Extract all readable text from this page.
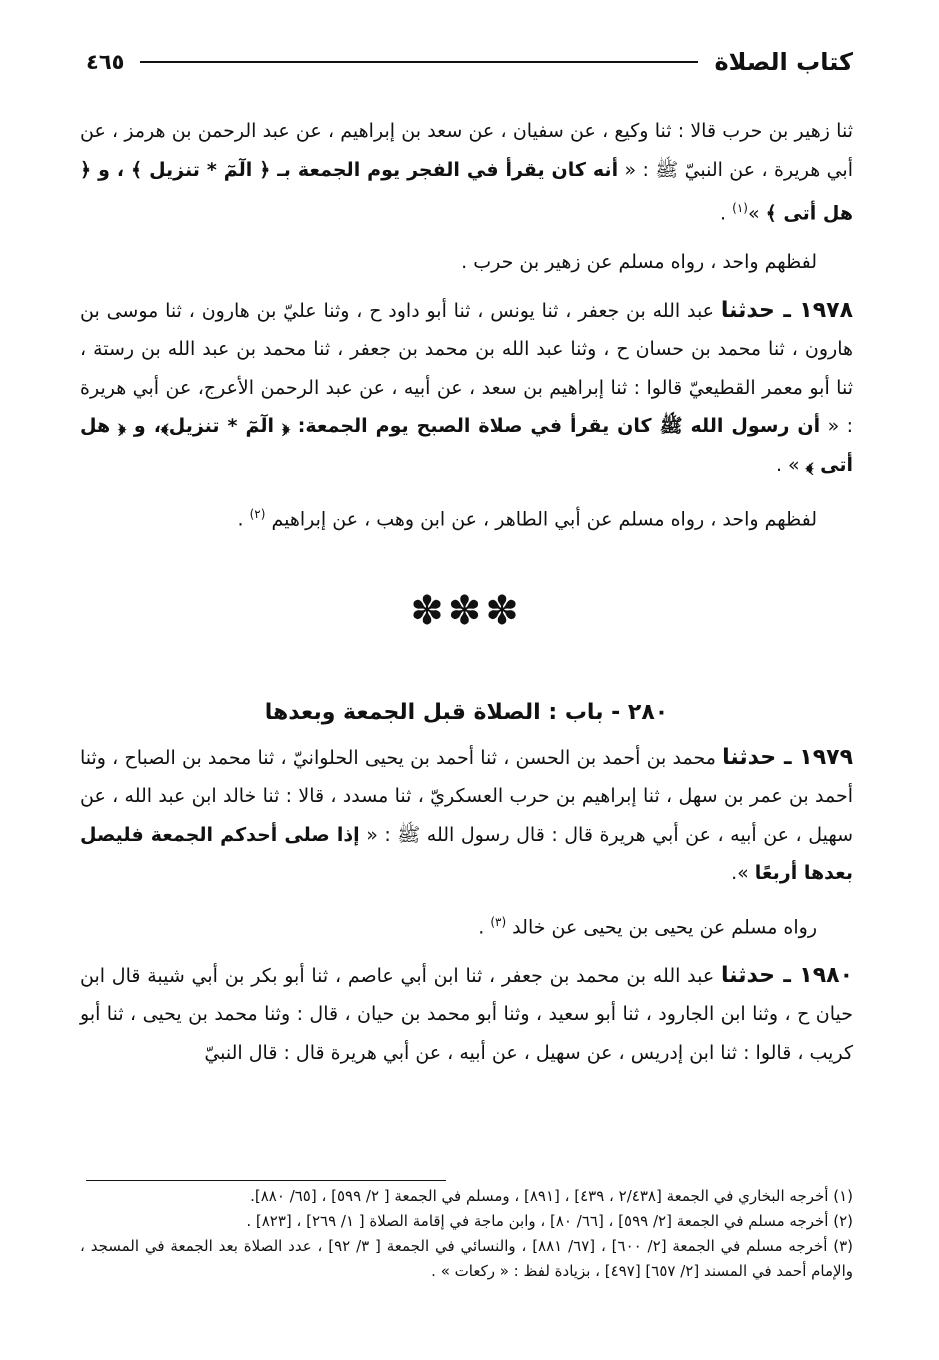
كتاب الصلاة
٤٦٥

ثنا زهير بن حرب قالا : ثنا وكيع ، عن سفيان ، عن سعد بن إبراهيم ، عن عبد الرحمن بن هرمز ، عن أبي هريرة ، عن النبيّ ﷺ : « أنه كان يقرأ في الفجر يوم الجمعة بـ ﴿ الٓمٓ * تنزيل ﴾ ، و ﴿ هل أتى ﴾ »$^{(١)}$ .

لفظهم واحد ، رواه مسلم عن زهير بن حرب .

١٩٧٨ ـ حدثنا عبد الله بن جعفر ، ثنا يونس ، ثنا أبو داود ح ، وثنا عليّ بن هارون ، ثنا موسى بن هارون ، ثنا محمد بن حسان ح ، وثنا عبد الله بن محمد بن جعفر ، ثنا محمد بن عبد الله بن رستة ، ثنا أبو معمر القطيعيّ قالوا : ثنا إبراهيم بن سعد ، عن أبيه ، عن عبد الرحمن الأعرج، عن أبي هريرة : « أن رسول الله ﷺ كان يقرأ في صلاة الصبح يوم الجمعة: ﴿ الٓمٓ * تنزيل﴾، و ﴿ هل أتى ﴾ » .

لفظهم واحد ، رواه مسلم عن أبي الطاهر ، عن ابن وهب ، عن إبراهيم $^{(٢)}$ .

✽✽✽
٢٨٠ - باب : الصلاة قبل الجمعة وبعدها

١٩٧٩ ـ حدثنا محمد بن أحمد بن الحسن ، ثنا أحمد بن يحيى الحلوانيّ ، ثنا محمد بن الصباح ، وثنا أحمد بن عمر بن سهل ، ثنا إبراهيم بن حرب العسكريّ ، ثنا مسدد ، قالا : ثنا خالد ابن عبد الله ، عن سهيل ، عن أبيه ، عن أبي هريرة قال : قال رسول الله ﷺ : « إذا صلى أحدكم الجمعة فليصل بعدها أربعًا ».

رواه مسلم عن يحيى بن يحيى عن خالد $^{(٣)}$ .

١٩٨٠ ـ حدثنا عبد الله بن محمد بن جعفر ، ثنا ابن أبي عاصم ، ثنا أبو بكر بن أبي شيبة قال ابن حيان ح ، وثنا ابن الجارود ، ثنا أبو سعيد ، وثنا أبو محمد بن حيان ، قال : وثنا محمد بن يحيى ، ثنا أبو كريب ، قالوا : ثنا ابن إدريس ، عن سهيل ، عن أبيه ، عن أبي هريرة قال : قال النبيّ

(١) أخرجه البخاري في الجمعة [٢/٤٣٨ ، ٤٣٩] ، [٨٩١] ، ومسلم في الجمعة [ ٢/ ٥٩٩] ، [٦٥/ ٨٨٠].

(٢) أخرجه مسلم في الجمعة [٢/ ٥٩٩] ، [٦٦/ ٨٠] ، وابن ماجة في إقامة الصلاة [ ١/ ٢٦٩] ، [٨٢٣] .

(٣) أخرجه مسلم في الجمعة [٢/ ٦٠٠] ، [٦٧/ ٨٨١] ، والنسائي في الجمعة [ ٣/ ٩٢] ، عدد الصلاة بعد الجمعة في المسجد ، والإمام أحمد في المسند [٢/ ٦٥٧] [٤٩٧] ، بزيادة لفظ : « ركعات » .
